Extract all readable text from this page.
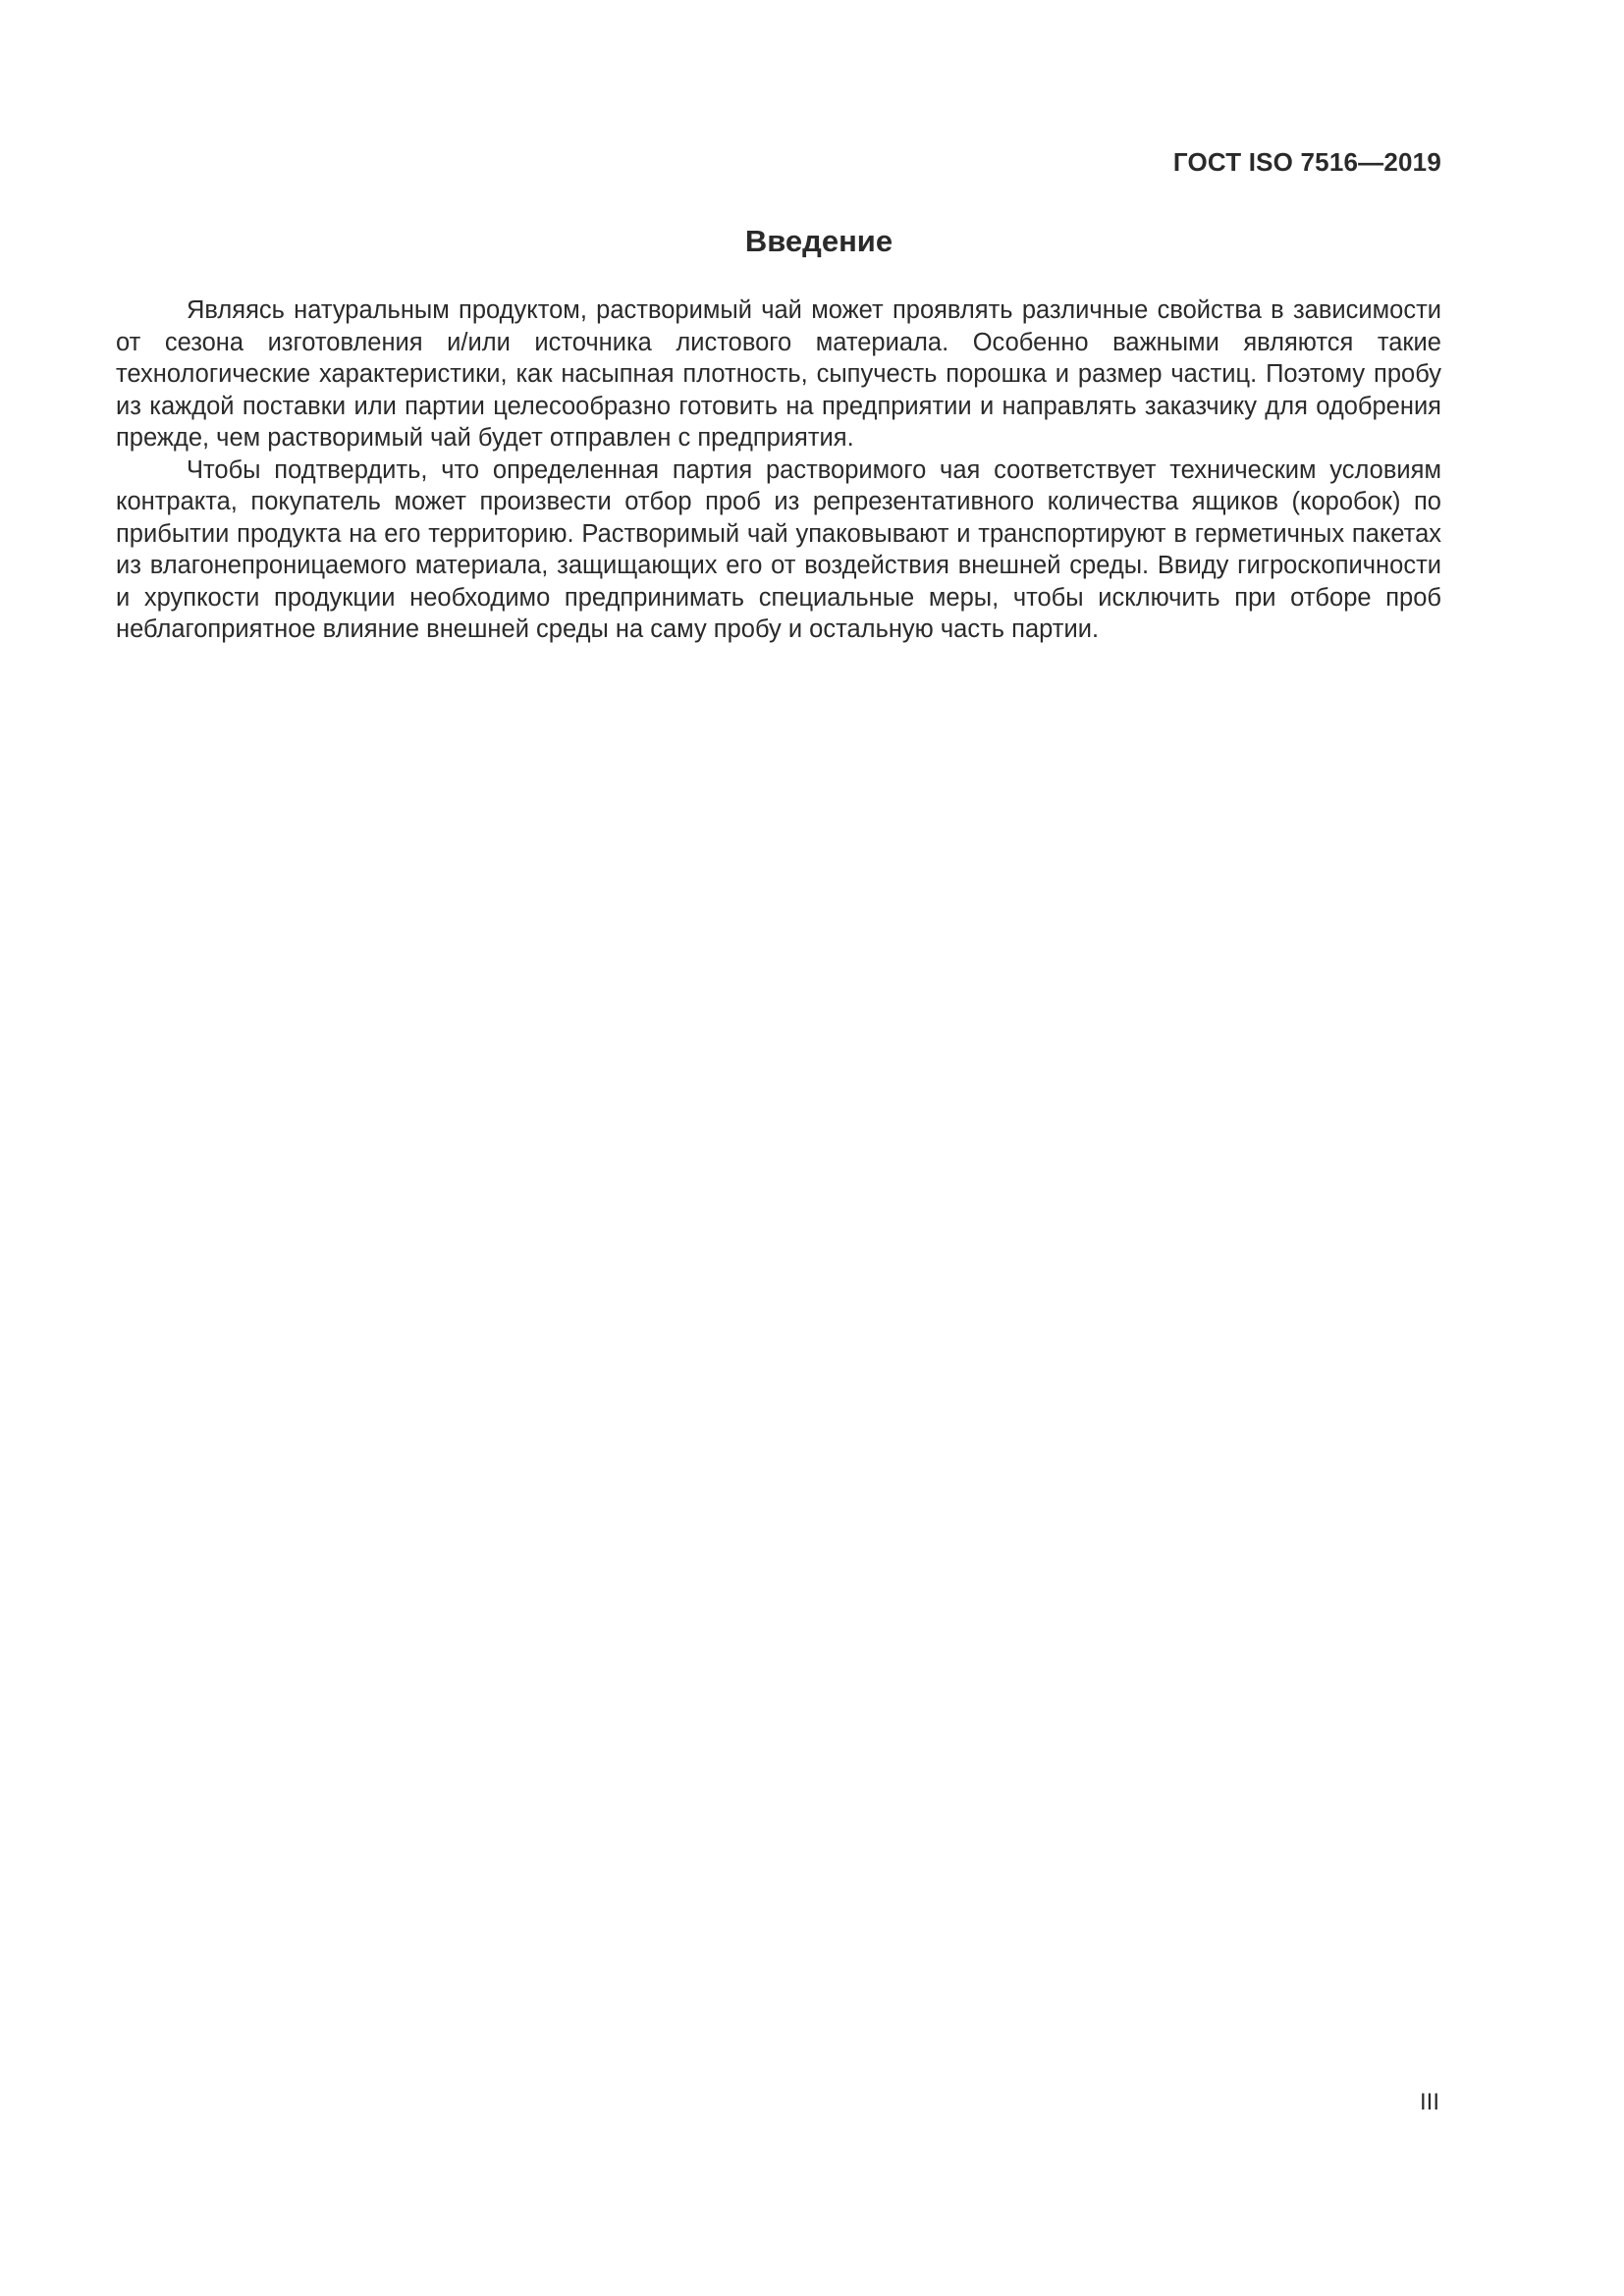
ГОСТ ISO 7516—2019
Введение

Являясь натуральным продуктом, растворимый чай может проявлять различные свойства в зависимости от сезона изготовления и/или источника листового материала. Особенно важными являются такие технологические характеристики, как насыпная плотность, сыпучесть порошка и размер частиц. Поэтому пробу из каждой поставки или партии целесообразно готовить на предприятии и направлять заказчику для одобрения прежде, чем растворимый чай будет отправлен с предприятия.

Чтобы подтвердить, что определенная партия растворимого чая соответствует техническим условиям контракта, покупатель может произвести отбор проб из репрезентативного количества ящиков (коробок) по прибытии продукта на его территорию. Растворимый чай упаковывают и транспортируют в герметичных пакетах из влагонепроницаемого материала, защищающих его от воздействия внешней среды. Ввиду гигроскопичности и хрупкости продукции необходимо предпринимать специальные меры, чтобы исключить при отборе проб неблагоприятное влияние внешней среды на саму пробу и остальную часть партии.

III
